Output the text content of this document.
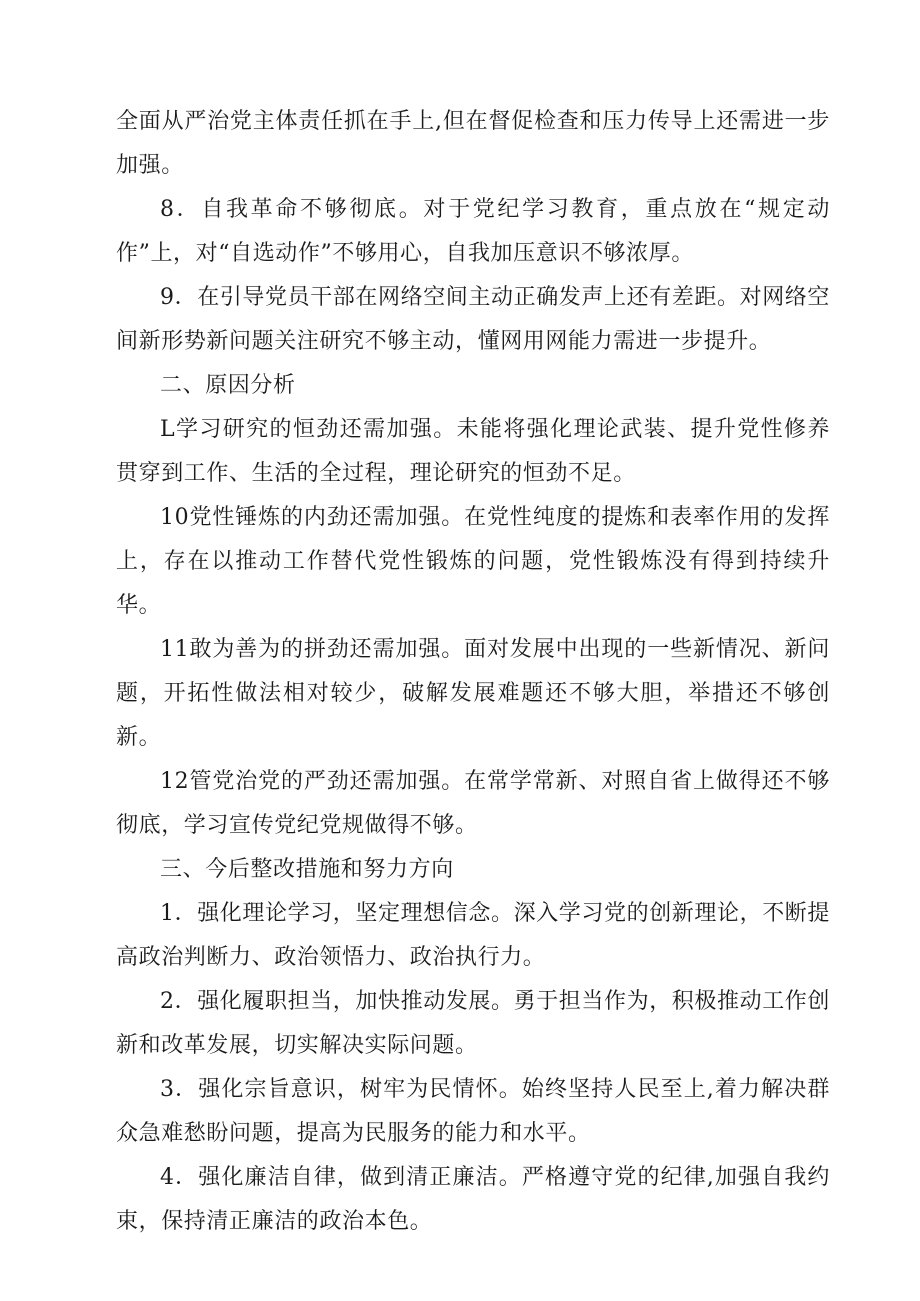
全面从严治党主体责任抓在手上,但在督促检查和压力传导上还需进一步加强。

8．自我革命不够彻底。对于党纪学习教育，重点放在“规定动作”上，对“自选动作”不够用心，自我加压意识不够浓厚。

9．在引导党员干部在网络空间主动正确发声上还有差距。对网络空间新形势新问题关注研究不够主动，懂网用网能力需进一步提升。

二、原因分析

L学习研究的恒劲还需加强。未能将强化理论武装、提升党性修养贯穿到工作、生活的全过程，理论研究的恒劲不足。

10党性锤炼的内劲还需加强。在党性纯度的提炼和表率作用的发挥上，存在以推动工作替代党性锻炼的问题，党性锻炼没有得到持续升华。

11敢为善为的拼劲还需加强。面对发展中出现的一些新情况、新问题，开拓性做法相对较少，破解发展难题还不够大胆，举措还不够创新。

12管党治党的严劲还需加强。在常学常新、对照自省上做得还不够彻底，学习宣传党纪党规做得不够。

三、今后整改措施和努力方向

1．强化理论学习，坚定理想信念。深入学习党的创新理论，不断提高政治判断力、政治领悟力、政治执行力。

2．强化履职担当，加快推动发展。勇于担当作为，积极推动工作创新和改革发展，切实解决实际问题。

3．强化宗旨意识，树牢为民情怀。始终坚持人民至上,着力解决群众急难愁盼问题，提高为民服务的能力和水平。

4．强化廉洁自律，做到清正廉洁。严格遵守党的纪律,加强自我约束，保持清正廉洁的政治本色。
